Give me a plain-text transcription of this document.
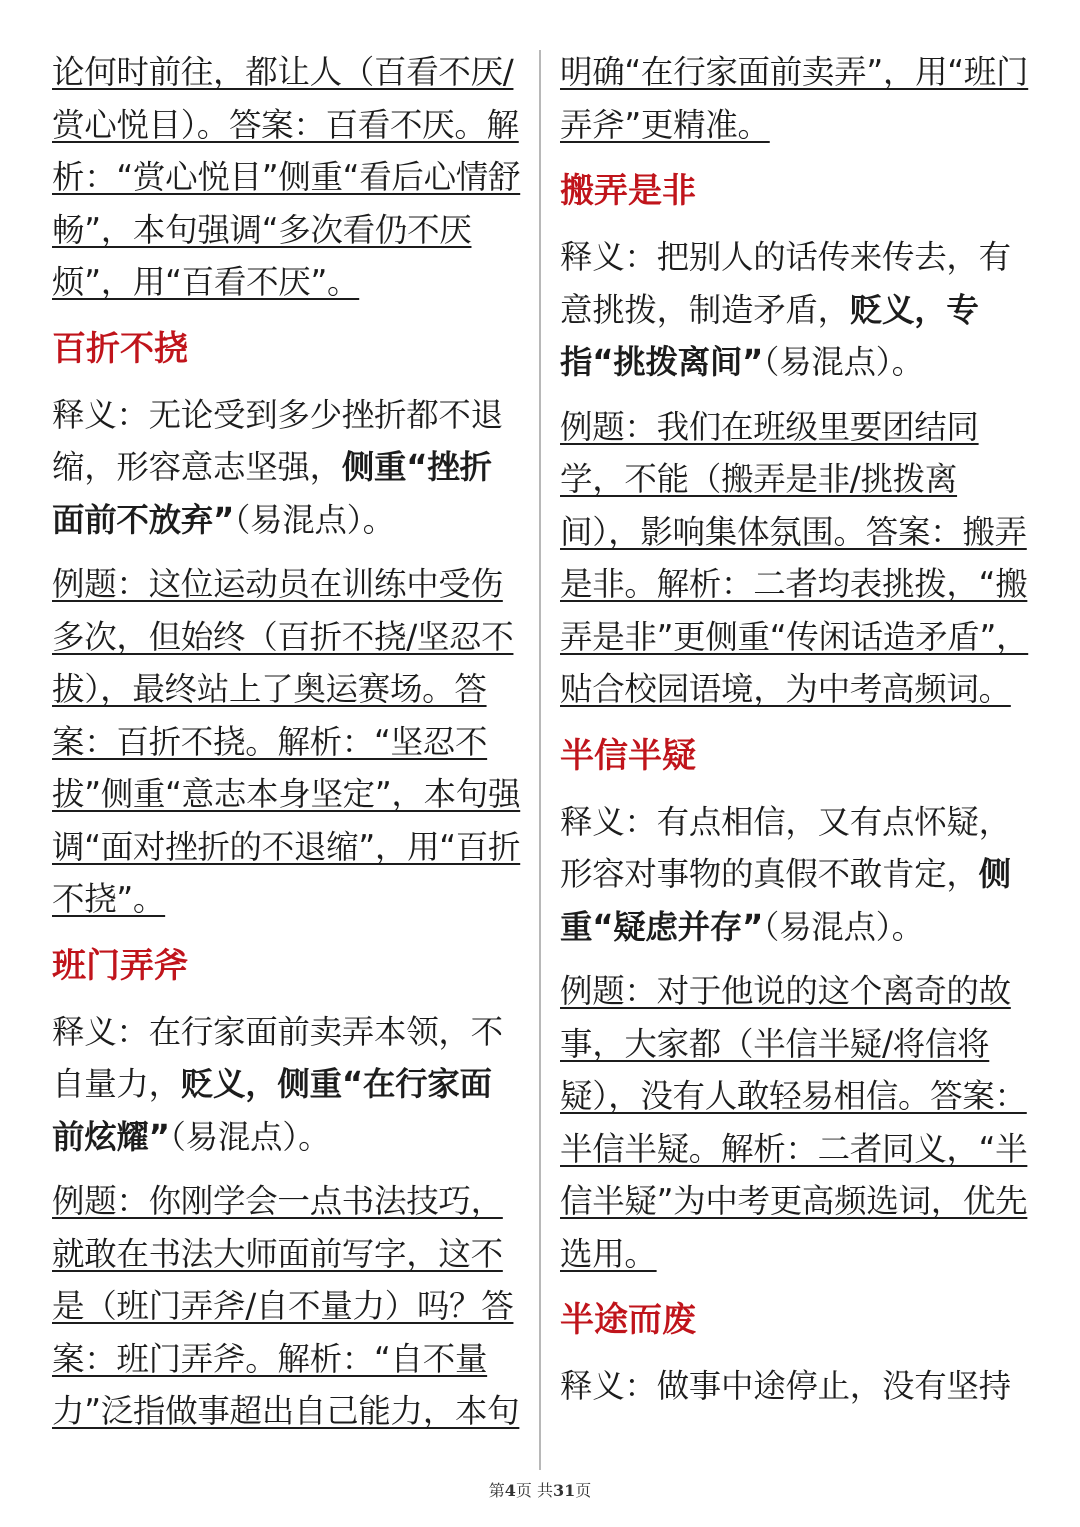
论何时前往，都让人（百看不厌/赏心悦目）。答案：百看不厌。解析：“赏心悦目”侧重“看后心情舒畅”，本句强调“多次看仍不厌烦”，用“百看不厌”。

百折不挠

释义：无论受到多少挫折都不退缩，形容意志坚强，侧重“挫折面前不放弃”（易混点）。

例题：这位运动员在训练中受伤多次，但始终（百折不挠/坚忍不拔），最终站上了奥运赛场。答案：百折不挠。解析：“坚忍不拔”侧重“意志本身坚定”，本句强调“面对挫折的不退缩”，用“百折不挠”。

班门弄斧

释义：在行家面前卖弄本领，不自量力，贬义，侧重“在行家面前炫耀”（易混点）。

例题：你刚学会一点书法技巧，就敢在书法大师面前写字，这不是（班门弄斧/自不量力）吗？答案：班门弄斧。解析：“自不量力”泛指做事超出自己能力，本句

明确“在行家面前卖弄”，用“班门弄斧”更精准。

搬弄是非

释义：把别人的话传来传去，有意挑拨，制造矛盾，贬义，专指“挑拨离间”（易混点）。

例题：我们在班级里要团结同学，不能（搬弄是非/挑拨离间），影响集体氛围。答案：搬弄是非。解析：二者均表挑拨，“搬弄是非”更侧重“传闲话造矛盾”，贴合校园语境，为中考高频词。

半信半疑

释义：有点相信，又有点怀疑，形容对事物的真假不敢肯定，侧重“疑虑并存”（易混点）。

例题：对于他说的这个离奇的故事，大家都（半信半疑/将信将疑），没有人敢轻易相信。答案：半信半疑。解析：二者同义，“半信半疑”为中考更高频选词，优先选用。

半途而废

释义：做事中途停止，没有坚持

第4页 共31页
